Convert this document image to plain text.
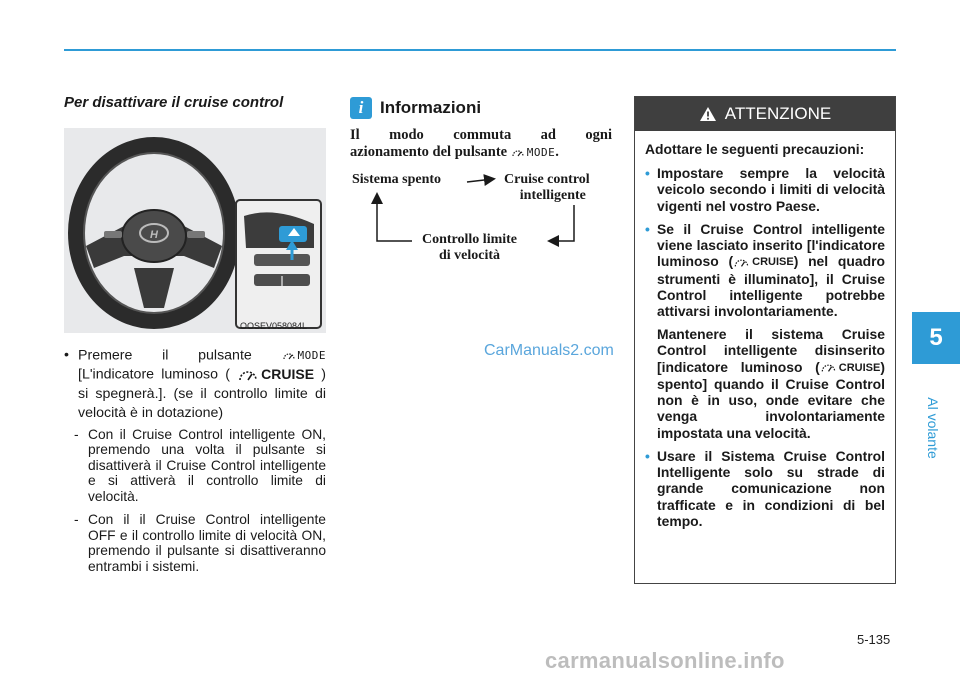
5
Al volante
Per disattivare il cruise control
H
OOSEV058084L

• Premere il pulsante	MODE

[L'indicatore luminoso ( CRUISE )

si spegnerà.]. (se il controllo limite di velocità è in dotazione)

- Con il Cruise Control intelligente ON, premendo una volta il pulsante si disattiverà il Cruise Control intelligente e si attiverà il controllo limite di velocità.

- Con il il Cruise Control intelligente OFF e il controllo limite di velocità ON, premendo il pulsante si disattiveranno entrambi i sistemi.

i Informazioni
Il modo commuta ad ogni
azionamento del pulsante MODE .
Sistema spento	Cruise control
intelligente
Controllo limite
di velocità
CarManuals2.com
ATTENZIONE

Adottare le seguenti precauzioni:

• Impostare sempre la velocità veicolo secondo i limiti di velocità vigenti nel vostro Paese.

• Se il Cruise Control intelligente viene lasciato inserito [l'indicatore luminoso ( CRUISE ) nel quadro strumenti è illuminato], il Cruise Control intelligente potrebbe attivarsi involontariamente.

Mantenere il sistema Cruise Control intelligente disinserito [indicatore luminoso ( CRUISE ) spento] quando il Cruise Control non è in uso, onde evitare che venga involontariamente impostata una velocità.

• Usare il Sistema Cruise Control Intelligente solo su strade di grande comunicazione non trafficate e in condizioni di bel tempo.

5-135
carmanualsonline.info
